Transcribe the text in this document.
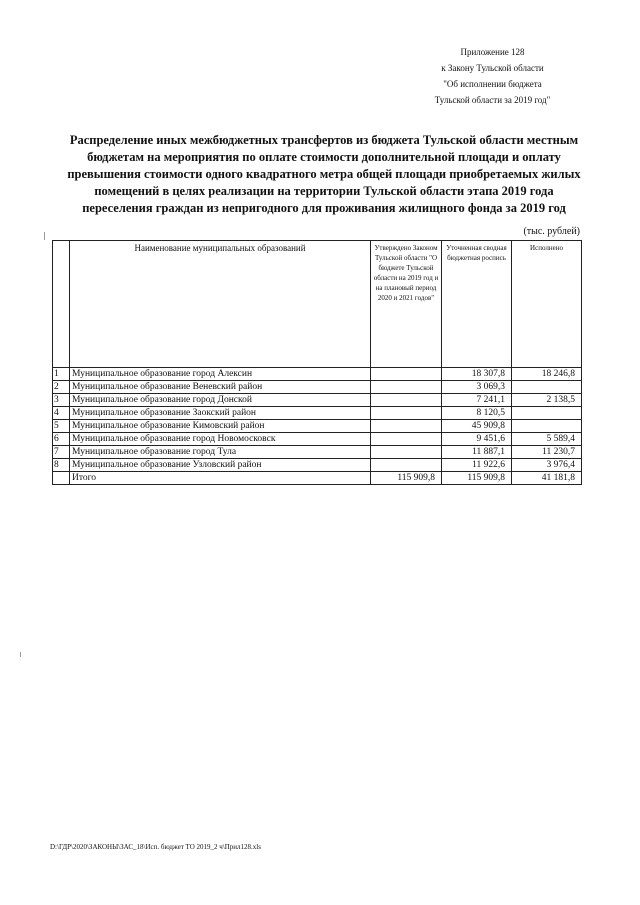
Приложение 128
к Закону Тульской области
"Об исполнении бюджета
Тульской области за 2019 год"
Распределение иных межбюджетных трансфертов из бюджета Тульской области местным
бюджетам на мероприятия по оплате стоимости дополнительной площади и оплату
превышения стоимости одного квадратного метра общей площади приобретаемых жилых
помещений в целях реализации на территории Тульской области этапа 2019 года
переселения граждан из непригодного для проживания жилищного фонда за 2019 год
(тыс. рублей)
	Наименование муниципальных образований	Утверждено Законом Тульской области "О бюджете Тульской области на 2019 год и на плановый период 2020 и 2021 годов"	Уточненная сводная бюджетная роспись	Исполнено
1	Муниципальное образование город Алексин		18 307,8	18 246,8
2	Муниципальное образование Веневский район		3 069,3	
3	Муниципальное образование город Донской		7 241,1	2 138,5
4	Муниципальное образование Заокский район		8 120,5	
5	Муниципальное образование Кимовский район		45 909,8	
6	Муниципальное образование город Новомосковск		9 451,6	5 589,4
7	Муниципальное образование город Тула		11 887,1	11 230,7
8	Муниципальное образование Узловский район		11 922,6	3 976,4
	Итого	115 909,8	115 909,8	41 181,8
D:\ГДР\2020\ЗАКОНЫ\ЗАС_18\Исп. бюджет ТО 2019_2 ч\Прил128.xls
